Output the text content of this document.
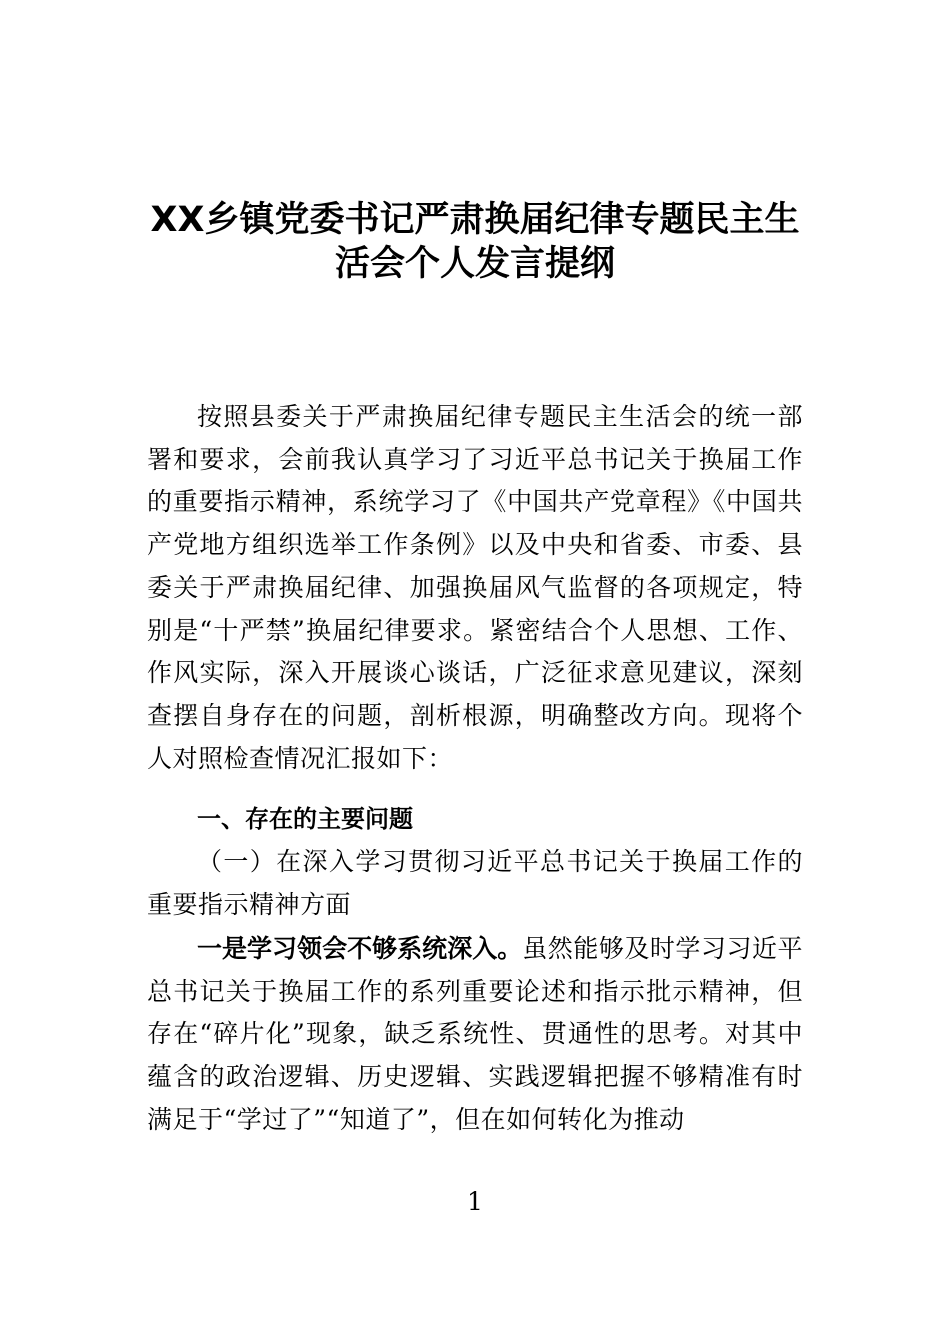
XX乡镇党委书记严肃换届纪律专题民主生
活会个人发言提纲

按照县委关于严肃换届纪律专题民主生活会的统一部署和要求，会前我认真学习了习近平总书记关于换届工作的重要指示精神，系统学习了《中国共产党章程》《中国共产党地方组织选举工作条例》以及中央和省委、市委、县委关于严肃换届纪律、加强换届风气监督的各项规定，特别是“十严禁”换届纪律要求。紧密结合个人思想、工作、作风实际，深入开展谈心谈话，广泛征求意见建议，深刻查摆自身存在的问题，剖析根源，明确整改方向。现将个人对照检查情况汇报如下：

一、存在的主要问题

（一）在深入学习贯彻习近平总书记关于换届工作的重要指示精神方面

一是学习领会不够系统深入。虽然能够及时学习习近平总书记关于换届工作的系列重要论述和指示批示精神，但存在“碎片化”现象，缺乏系统性、贯通性的思考。对其中蕴含的政治逻辑、历史逻辑、实践逻辑把握不够精准有时满足于“学过了”“知道了”，但在如何转化为推动

1
